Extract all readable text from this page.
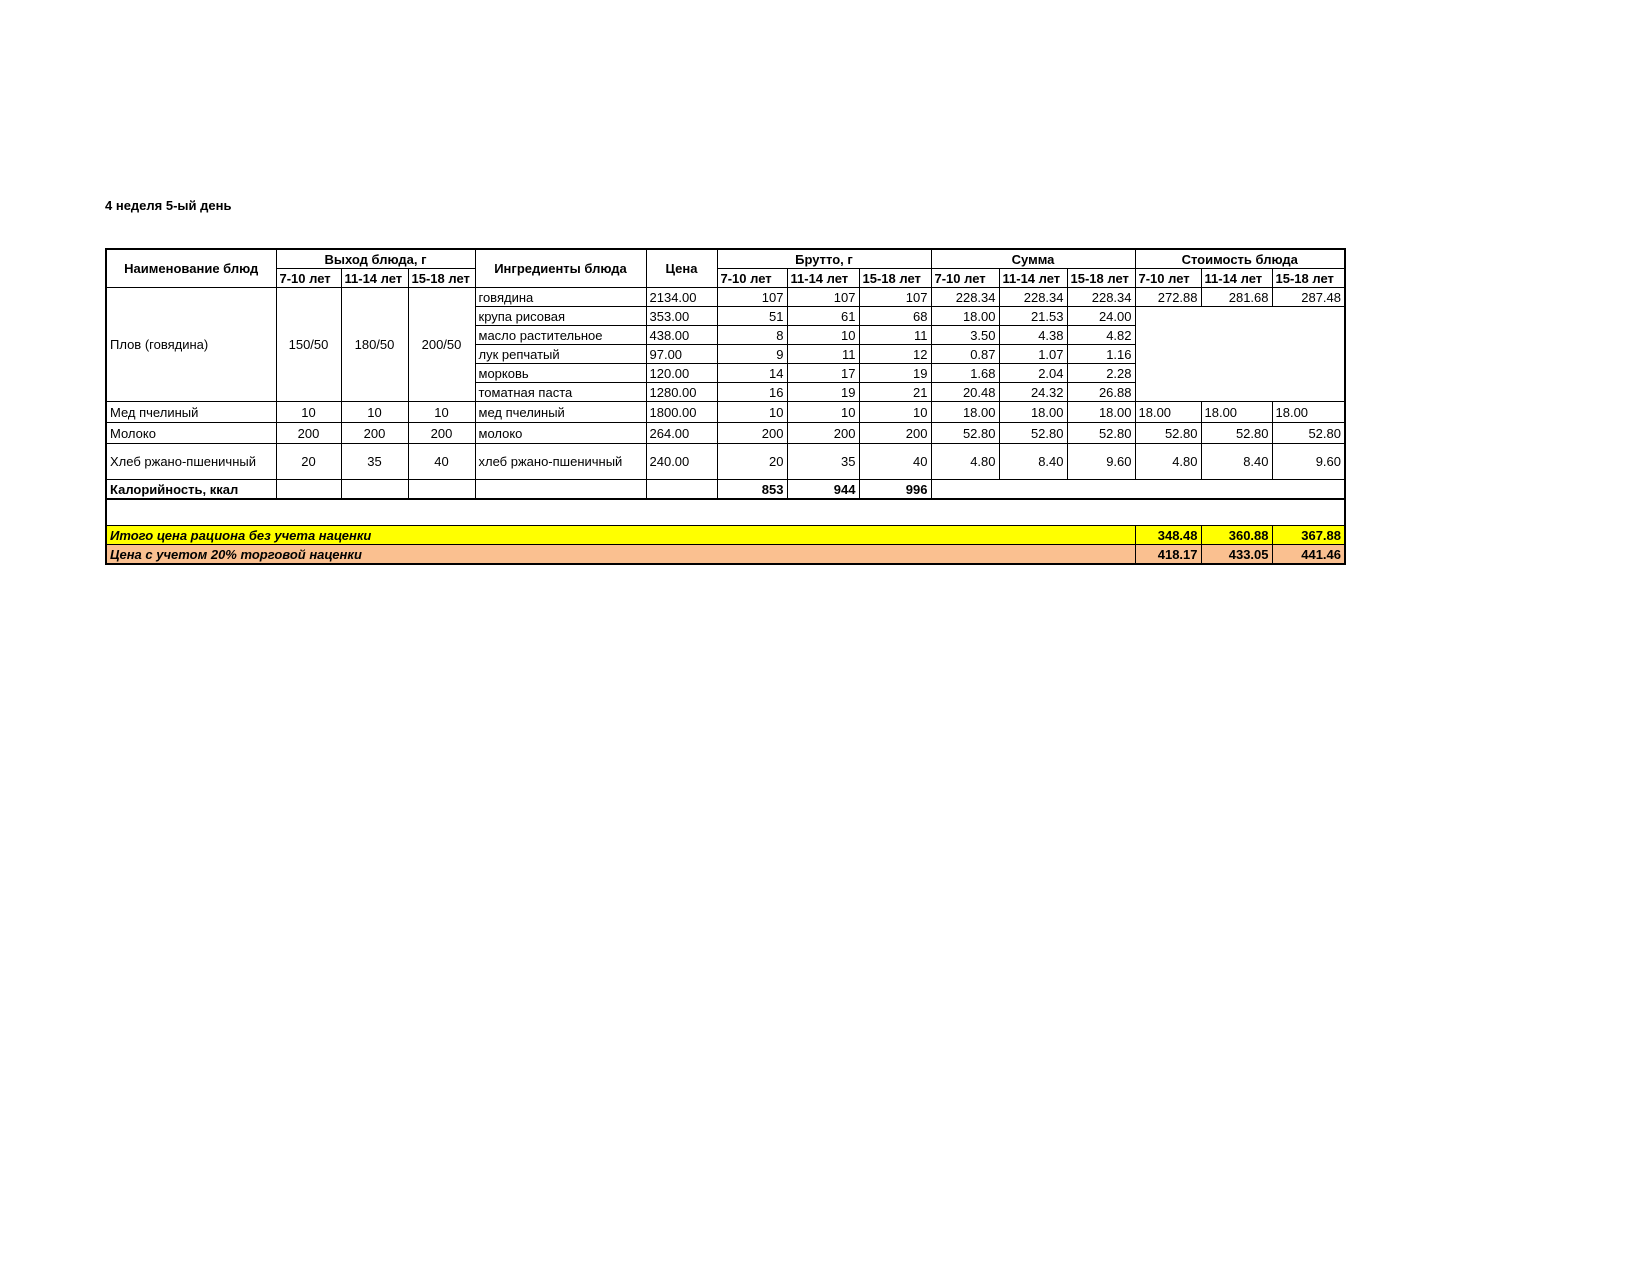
4 неделя 5-ый день
Наименование блюд	Выход блюда, г			Ингредиенты блюда	Цена	Брутто, г			Сумма			Стоимость блюда		
	7-10 лет	11-14 лет	15-18 лет			7-10 лет	11-14 лет	15-18 лет	7-10 лет	11-14 лет	15-18 лет	7-10 лет	11-14 лет	15-18 лет
Плов (говядина)	150/50	180/50	200/50	говядина	2134.00	107	107	107	228.34	228.34	228.34	272.88	281.68	287.48
				крупа рисовая	353.00	51	61	68	18.00	21.53	24.00			
				масло растительное	438.00	8	10	11	3.50	4.38	4.82			
				лук репчатый	97.00	9	11	12	0.87	1.07	1.16			
				морковь	120.00	14	17	19	1.68	2.04	2.28			
				томатная паста	1280.00	16	19	21	20.48	24.32	26.88			
Мед пчелиный	10	10	10	мед пчелиный	1800.00	10	10	10	18.00	18.00	18.00	18.00	18.00	18.00
Молоко	200	200	200	молоко	264.00	200	200	200	52.80	52.80	52.80	52.80	52.80	52.80
Хлеб ржано-пшеничный	20	35	40	хлеб ржано-пшеничный	240.00	20	35	40	4.80	8.40	9.60	4.80	8.40	9.60
Калорийность, ккал						853	944	996						

Итого цена рациона без учета наценки												348.48	360.88	367.88
Цена с учетом 20% торговой наценки												418.17	433.05	441.46
